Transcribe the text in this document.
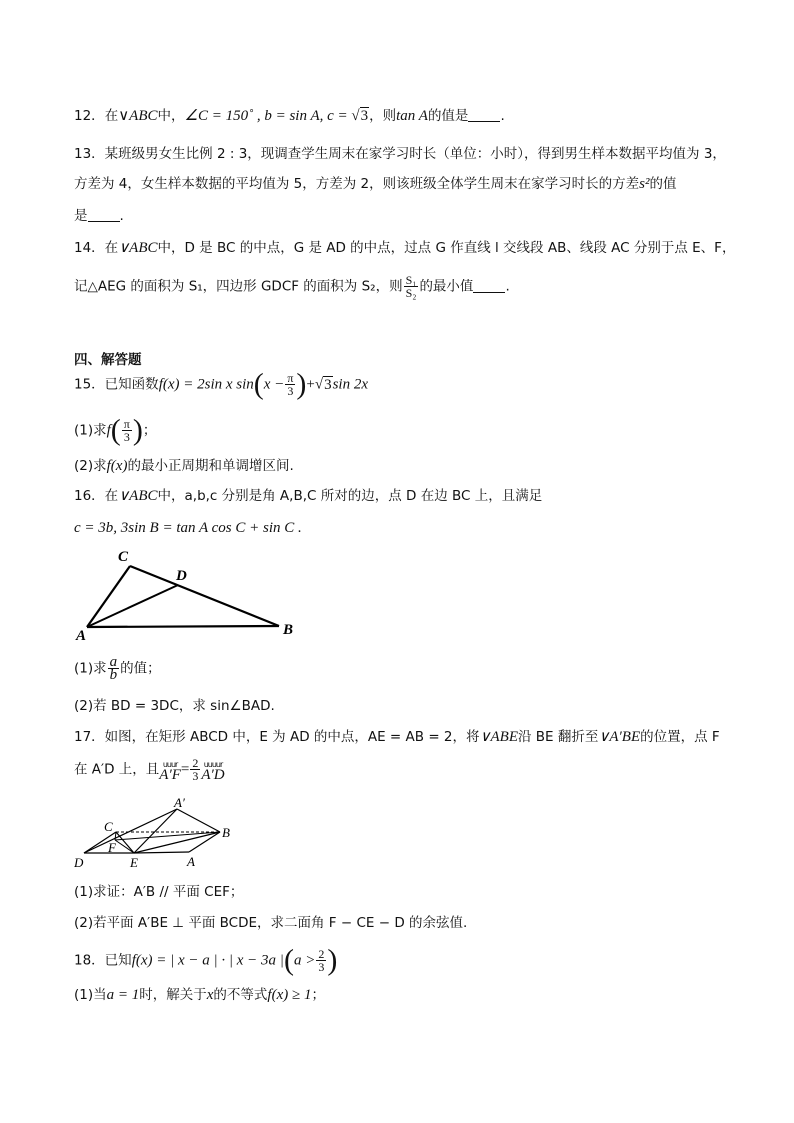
12．在∨ABC中，∠C = 150˚ , b = sin A, c = √3，则tan A的值是 .
13．某班级男女生比例 2 : 3，现调查学生周末在家学习时长（单位：小时），得到男生样本数据平均值为 3，
方差为 4，女生样本数据的平均值为 5，方差为 2，则该班级全体学生周末在家学习时长的方差s²的值
是 .
14．在∨ABC中，D 是 BC 的中点，G 是 AD 的中点，过点 G 作直线 l 交线段 AB、线段 AC 分别于点 E、F，
记△AEG 的面积为 S₁，四边形 GDCF 的面积为 S₂，则 $\frac{\text{S₁}}{\text{S₂}}$ 的最小值 .
四、解答题
15．已知函数f(x) = 2sin x $\sin(x - \frac{\pi}{3} )+√3\sin$ 2x
(1)求$f( \frac{\pi}{3}$ )；
(2)求f(x)的最小正周期和单调增区间.
16．在∨ABC中，a,b,c 分别是角 A,B,C 所对的边，点 D 在边 BC 上，且满足
c = 3b, 3sin B = tan A cos C + sin C .
C
D
A	B
(1)求 $\frac{a}{b}$ 的值；
(2)若 BD = 3DC，求 sin∠BAD.
17．如图，在矩形 ABCD 中，E 为 AD 的中点，AE = AB = 2，将∨ABE沿 BE 翻折至∨A′BE的位置，点 F
在 A′D 上，且 uuur
$A'F = \frac{2}{3}$ uuuur
A′D
A′
C	B
F
D	E	A
(1)求证：A′B // 平面 CEF；
(2)若平面 A′BE ⊥ 平面 BCDE，求二面角 F − CE − D 的余弦值.
18．已知f(x) = | x − a | · | x − 3a $|(a > \frac{2}{3}$ )
(1)当a = 1时，解关于x的不等式f(x) ≥ 1；
